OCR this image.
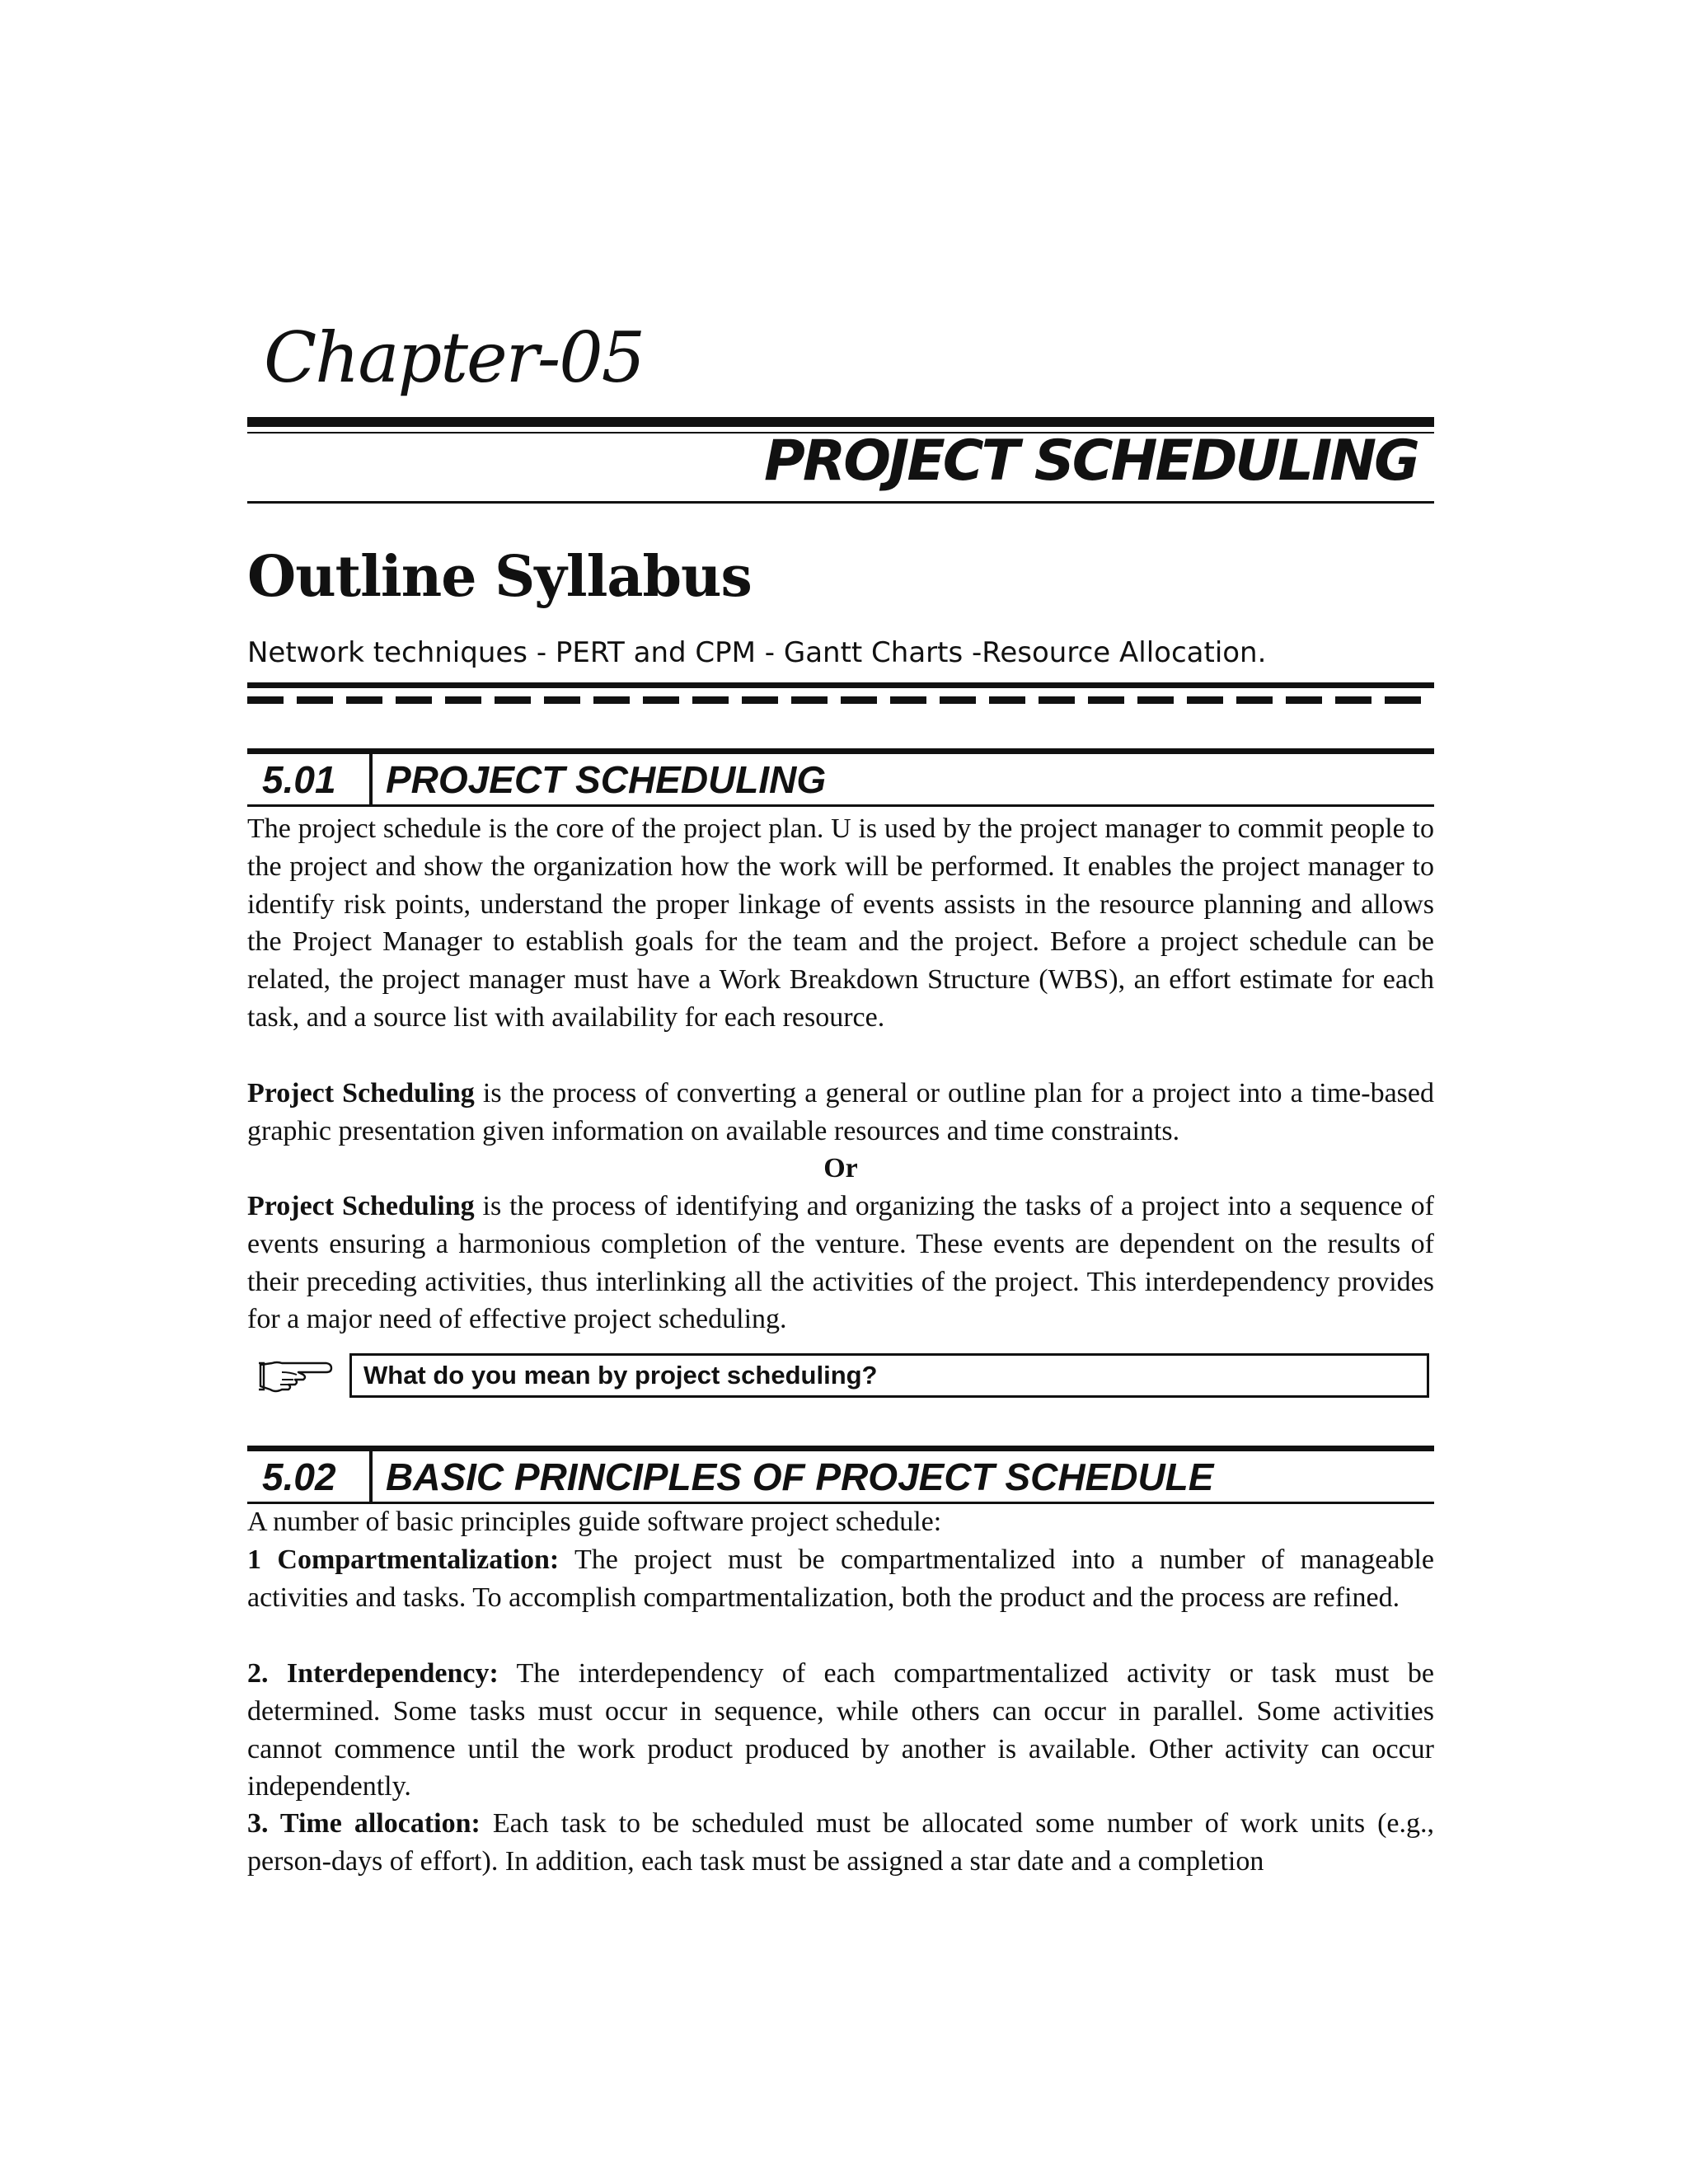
Chapter-05
PROJECT SCHEDULING
Outline Syllabus
Network techniques - PERT and CPM - Gantt Charts -Resource Allocation.
5.01 PROJECT SCHEDULING

The project schedule is the core of the project plan. U is used by the project manager to commit people to the project and show the organization how the work will be performed. It enables the project manager to identify risk points, understand the proper linkage of events assists in the resource planning and allows the Project Manager to establish goals for the team and the project. Before a project schedule can be related, the project manager must have a Work Breakdown Structure (WBS), an effort estimate for each task, and a source list with availability for each resource.

Project Scheduling is the process of converting a general or outline plan for a project into a time-based graphic presentation given information on available resources and time constraints.

Or

Project Scheduling is the process of identifying and organizing the tasks of a project into a sequence of events ensuring a harmonious completion of the venture. These events are dependent on the results of their preceding activities, thus interlinking all the activities of the project. This interdependency provides for a major need of effective project scheduling.

What do you mean by project scheduling?
5.02 BASIC PRINCIPLES OF PROJECT SCHEDULE

A number of basic principles guide software project schedule:

1 Compartmentalization: The project must be compartmentalized into a number of manageable activities and tasks. To accomplish compartmentalization, both the product and the process are refined.

2. Interdependency: The interdependency of each compartmentalized activity or task must be determined. Some tasks must occur in sequence, while others can occur in parallel. Some activities cannot commence until the work product produced by another is available. Other activity can occur independently.

3. Time allocation: Each task to be scheduled must be allocated some number of work units (e.g., person-days of effort). In addition, each task must be assigned a star date and a completion
